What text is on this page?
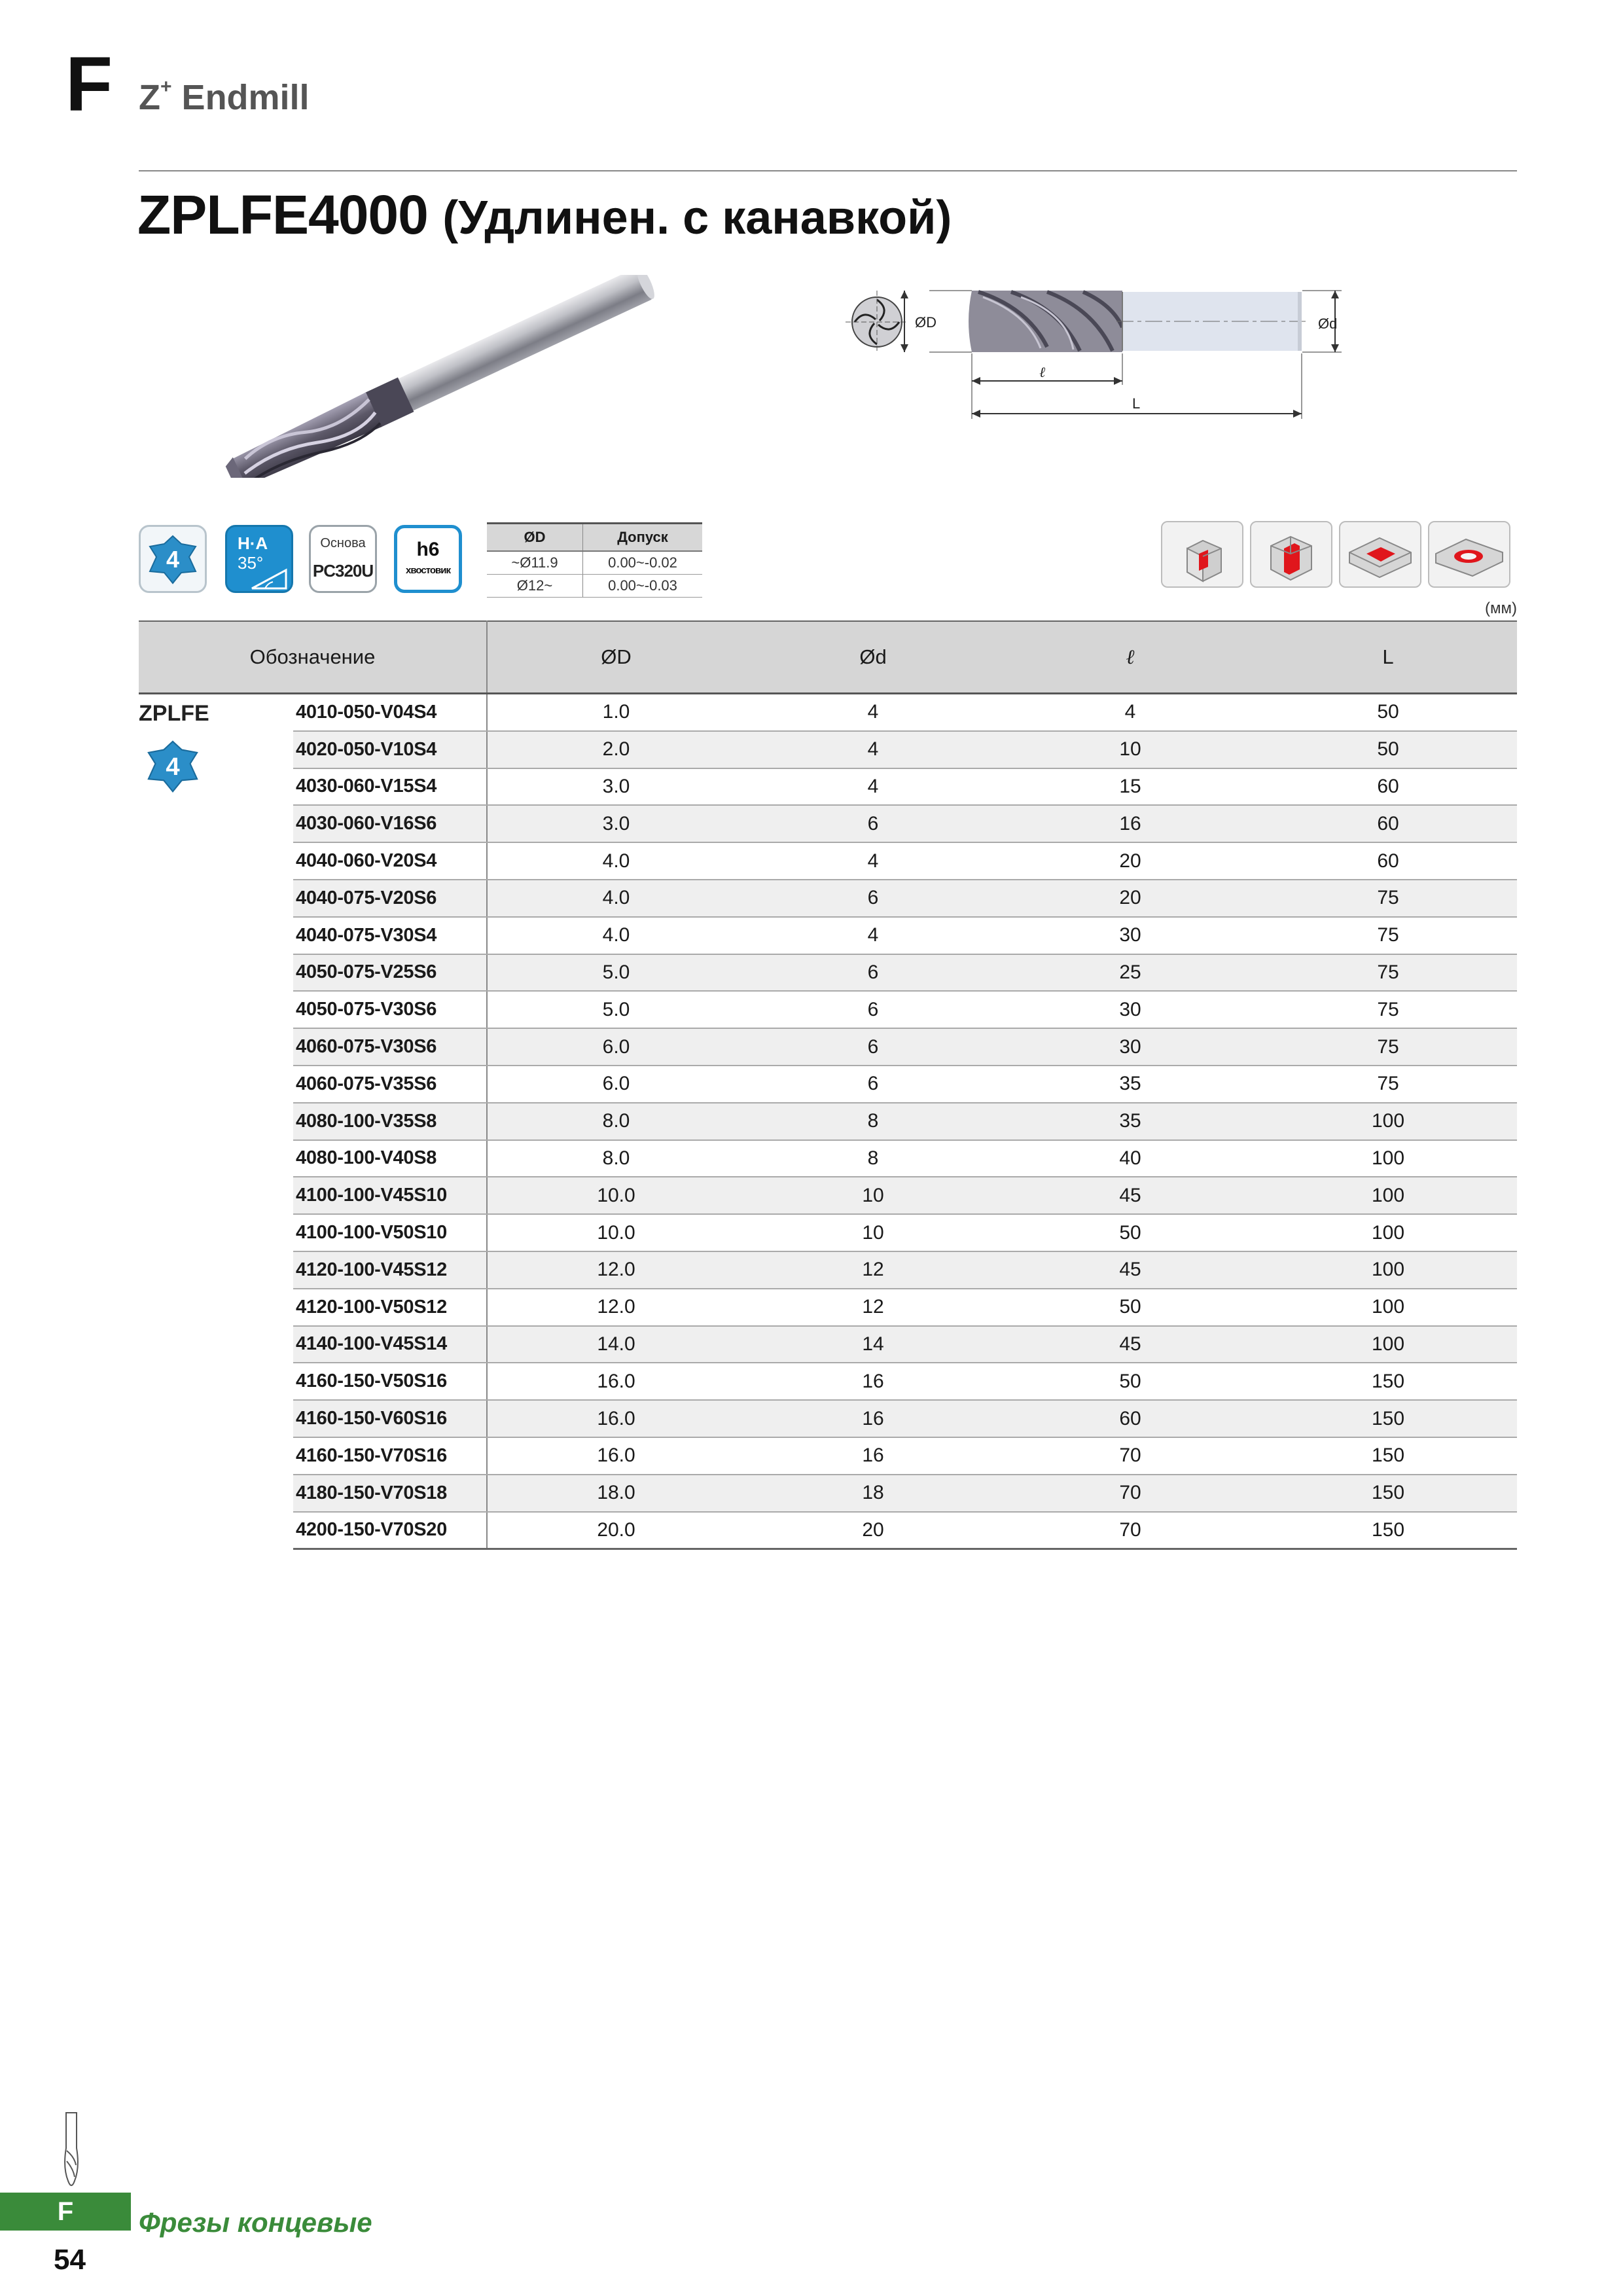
F Z+ Endmill
ZPLFE4000 (Удлинен. с канавкой)
ØD	Ød
ℓ
L
4
H·A
35°
Основа
PC320U
h6
хвостовик
ØD	Допуск
~Ø11.9	0.00~-0.02
Ø12~	0.00~-0.03
(мм)
Обозначение		ØD	Ød	ℓ	L

ZPLFE
4	4010-050-V04S4	1.0	4	4	50
	4020-050-V10S4	2.0	4	10	50
	4030-060-V15S4	3.0	4	15	60
	4030-060-V16S6	3.0	6	16	60
	4040-060-V20S4	4.0	4	20	60
	4040-075-V20S6	4.0	6	20	75
	4040-075-V30S4	4.0	4	30	75
	4050-075-V25S6	5.0	6	25	75
	4050-075-V30S6	5.0	6	30	75
	4060-075-V30S6	6.0	6	30	75
	4060-075-V35S6	6.0	6	35	75
	4080-100-V35S8	8.0	8	35	100
	4080-100-V40S8	8.0	8	40	100
	4100-100-V45S10	10.0	10	45	100
	4100-100-V50S10	10.0	10	50	100
	4120-100-V45S12	12.0	12	45	100
	4120-100-V50S12	12.0	12	50	100
	4140-100-V45S14	14.0	14	45	100
	4160-150-V50S16	16.0	16	50	150
	4160-150-V60S16	16.0	16	60	150
	4160-150-V70S16	16.0	16	70	150
	4180-150-V70S18	18.0	18	70	150
	4200-150-V70S20	20.0	20	70	150
F	Фрезы концевые
54
